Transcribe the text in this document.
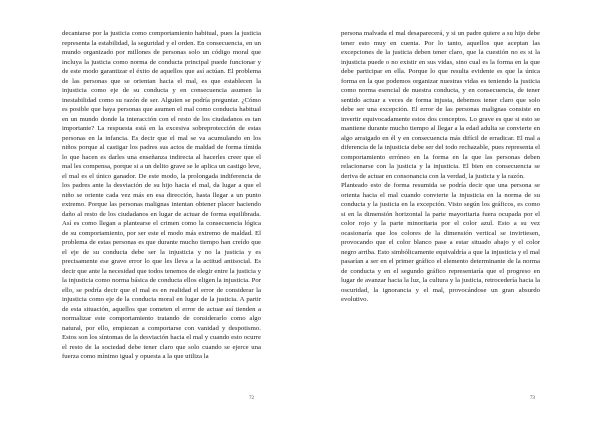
decantarse por la justicia como comportamiento habitual, pues la justicia representa la estabilidad, la seguridad y el orden. En consecuencia, en un mundo organizado por millones de personas solo un código moral que incluya la justicia como norma de conducta principal puede funcionar y de este modo garantizar el éxito de aquellos que así actúan. El problema de las personas que se orientan hacia el mal, es que establecen la injusticia como eje de su conducta y en consecuencia asumen la inestabilidad como su razón de ser. Alguien se podría preguntar. ¿Cómo es posible que haya personas que asumen el mal como conducta habitual en un mundo donde la interacción con el resto de los ciudadanos es tan importante? La respuesta está en la excesiva sobreprotección de estas personas en la infancia. Es decir que el mal se va acumulando en los niños porque al castigar los padres sus actos de maldad de forma tímida lo que hacen es darles una enseñanza indirecta al hacerles creer que el mal les compensa, porque si a un delito grave se le aplica un castigo leve, el mal es el único ganador. De este modo, la prolongada indiferencia de los padres ante la desviación de su hijo hacia el mal, da lugar a que el niño se oriente cada vez más en esa dirección, hasta llegar a un punto extremo. Porque las personas malignas intentan obtener placer haciendo daño al resto de los ciudadanos en lugar de actuar de forma equilibrada. Así es como llegan a plantearse el crimen como la consecuencia lógica de su comportamiento, por ser este el modo más extremo de maldad. El problema de estas personas es que durante mucho tiempo han creído que el eje de su conducta debe ser la injusticia y no la justicia y es precisamente ese grave error lo que les lleva a la actitud antisocial. Es decir que ante la necesidad que todos tenemos de elegir entre la justicia y la injusticia como norma básica de conducta ellos eligen la injusticia. Por ello, se podría decir que el mal es en realidad el error de considerar la injusticia como eje de la conducta moral en lugar de la justicia. A partir de esta situación, aquellos que cometen el error de actuar así tienden a normalizar este comportamiento tratando de considerarlo como algo natural, por ello, empiezan a comportarse con vanidad y despotismo. Estos son los síntomas de la desviación hacia el mal y cuando esto ocurre el resto de la sociedad debe tener claro que solo cuando se ejerce una fuerza como mínimo igual y opuesta a la que utiliza la

72

persona malvada el mal desaparecerá, y si un padre quiere a su hijo debe tener esto muy en cuenta. Por lo tanto, aquellos que aceptan las excepciones de la justicia deben tener claro, que la cuestión no es si la injusticia puede o no existir en sus vidas, sino cual es la forma en la que debe participar en ella. Porque lo que resulta evidente es que la única forma en la que podemos organizar nuestras vidas es teniendo la justicia como norma esencial de nuestra conducta, y en consecuencia, de tener sentido actuar a veces de forma injusta, debemos tener claro que solo debe ser una excepción. El error de las personas malignas consiste en invertir equivocadamente estos dos conceptos. Lo grave es que si esto se mantiene durante mucho tiempo al llegar a la edad adulta se convierte en algo arraigado en él y en consecuencia más difícil de erradicar. El mal a diferencia de la injusticia debe ser del todo rechazable, pues representa el comportamiento erróneo en la forma en la que las personas deben relacionarse con la justicia y la injusticia. El bien en consecuencia se deriva de actuar en consonancia con la verdad, la justicia y la razón.

Planteado esto de forma resumida se podría decir que una persona se orienta hacia el mal cuando convierte la injusticia en la norma de su conducta y la justicia en la excepción. Visto según los gráficos, es como si en la dimensión horizontal la parte mayoritaria fuera ocupada por el color rojo y la parte minoritaria por el color azul. Esto a su vez ocasionaría que los colores de la dimensión vertical se invirtiesen, provocando que el color blanco pase a estar situado abajo y el color negro arriba. Esto simbólicamente equivaldría a que la injusticia y el mal pasarían a ser en el primer gráfico el elemento determinante de la norma de conducta y en el segundo gráfico representaría que el progreso en lugar de avanzar hacia la luz, la cultura y la justicia, retrocedería hacia la oscuridad, la ignorancia y el mal, provocándose un gran absurdo evolutivo.

73
